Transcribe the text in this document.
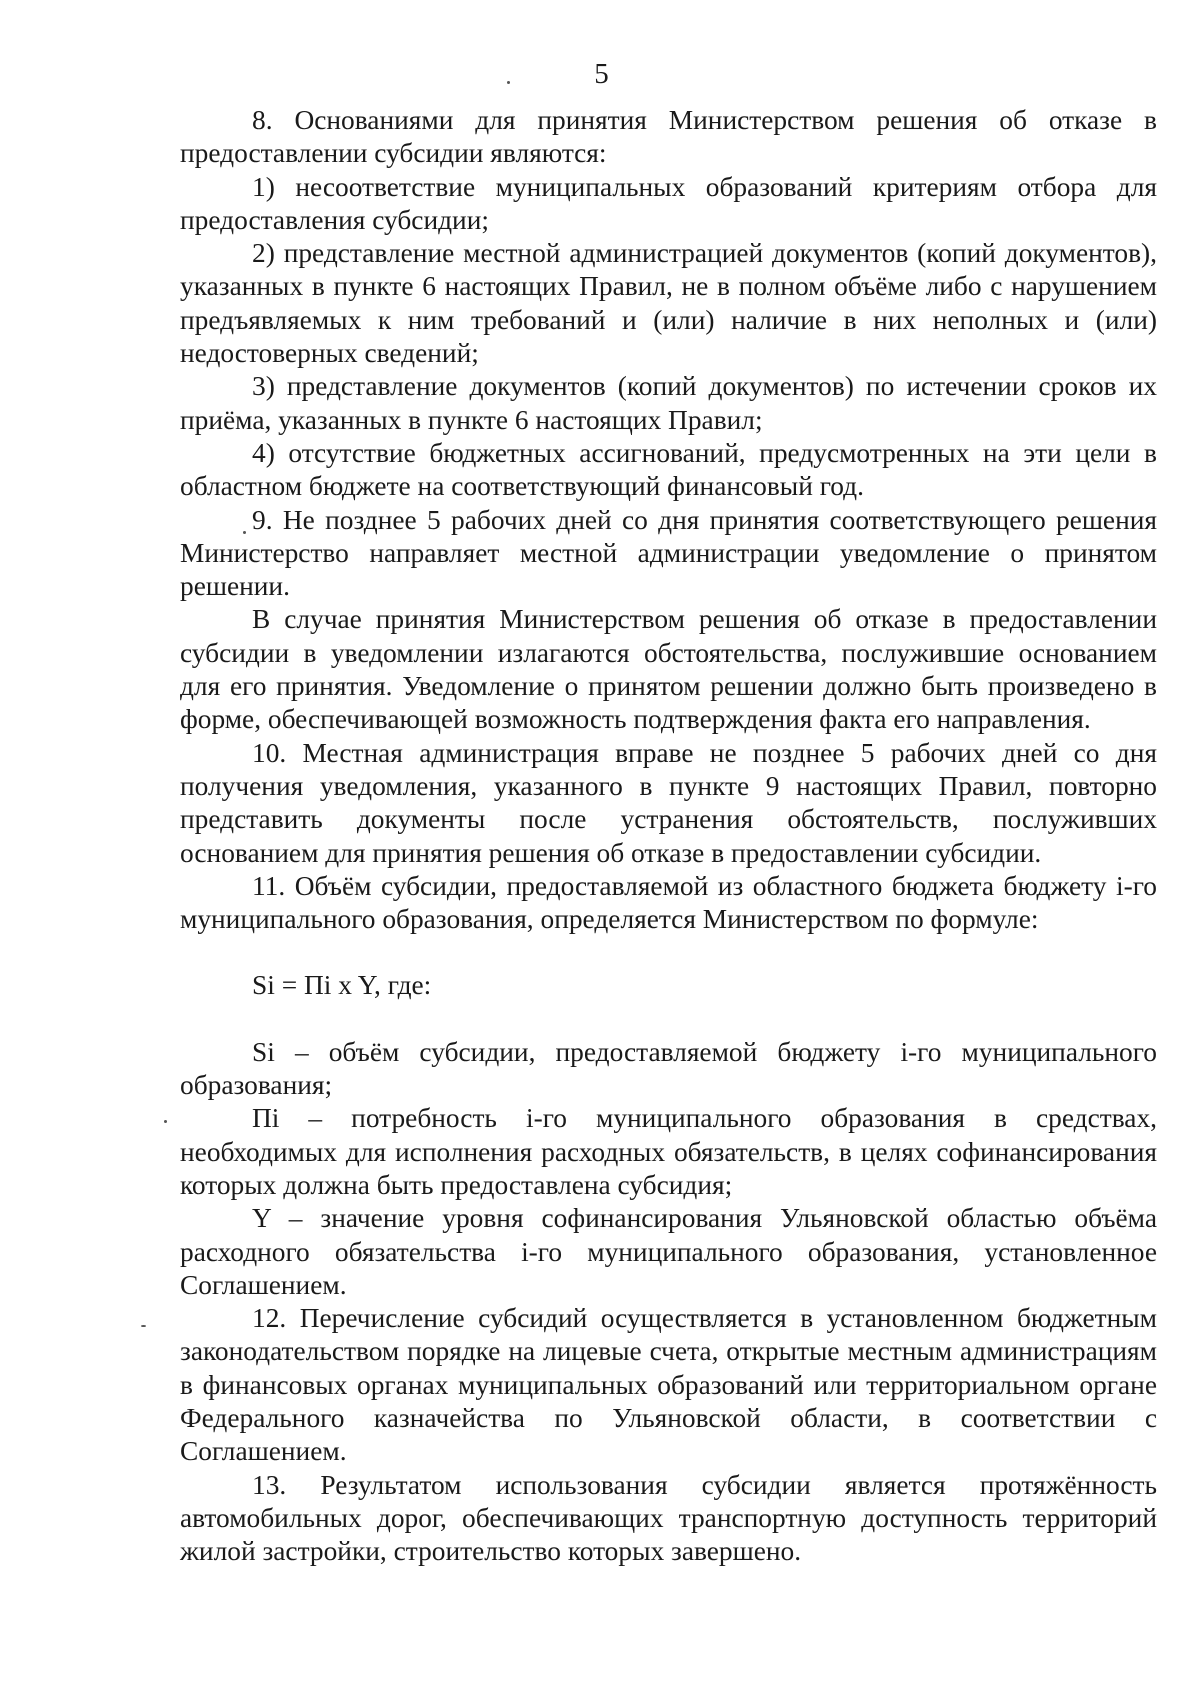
5

8. Основаниями для принятия Министерством решения об отказе в предоставлении субсидии являются:

1) несоответствие муниципальных образований критериям отбора для предоставления субсидии;

2) представление местной администрацией документов (копий документов), указанных в пункте 6 настоящих Правил, не в полном объёме либо с нарушением предъявляемых к ним требований и (или) наличие в них неполных и (или) недостоверных сведений;

3) представление документов (копий документов) по истечении сроков их приёма, указанных в пункте 6 настоящих Правил;

4) отсутствие бюджетных ассигнований, предусмотренных на эти цели в областном бюджете на соответствующий финансовый год.

9. Не позднее 5 рабочих дней со дня принятия соответствующего решения Министерство направляет местной администрации уведомление о принятом решении.

В случае принятия Министерством решения об отказе в предоставлении субсидии в уведомлении излагаются обстоятельства, послужившие основанием для его принятия. Уведомление о принятом решении должно быть произведено в форме, обеспечивающей возможность подтверждения факта его направления.

10. Местная администрация вправе не позднее 5 рабочих дней со дня получения уведомления, указанного в пункте 9 настоящих Правил, повторно представить документы после устранения обстоятельств, послуживших основанием для принятия решения об отказе в предоставлении субсидии.

11. Объём субсидии, предоставляемой из областного бюджета бюджету i-го муниципального образования, определяется Министерством по формуле:

Si = Пi x Y, где:

Si – объём субсидии, предоставляемой бюджету i-го муниципального образования;

Пi – потребность i-го муниципального образования в средствах, необходимых для исполнения расходных обязательств, в целях софинансирования которых должна быть предоставлена субсидия;

Y – значение уровня софинансирования Ульяновской областью объёма расходного обязательства i-го муниципального образования, установленное Соглашением.

12. Перечисление субсидий осуществляется в установленном бюджетным законодательством порядке на лицевые счета, открытые местным администрациям в финансовых органах муниципальных образований или территориальном органе Федерального казначейства по Ульяновской области, в соответствии с Соглашением.

13. Результатом использования субсидии является протяжённость автомобильных дорог, обеспечивающих транспортную доступность территорий жилой застройки, строительство которых завершено.
